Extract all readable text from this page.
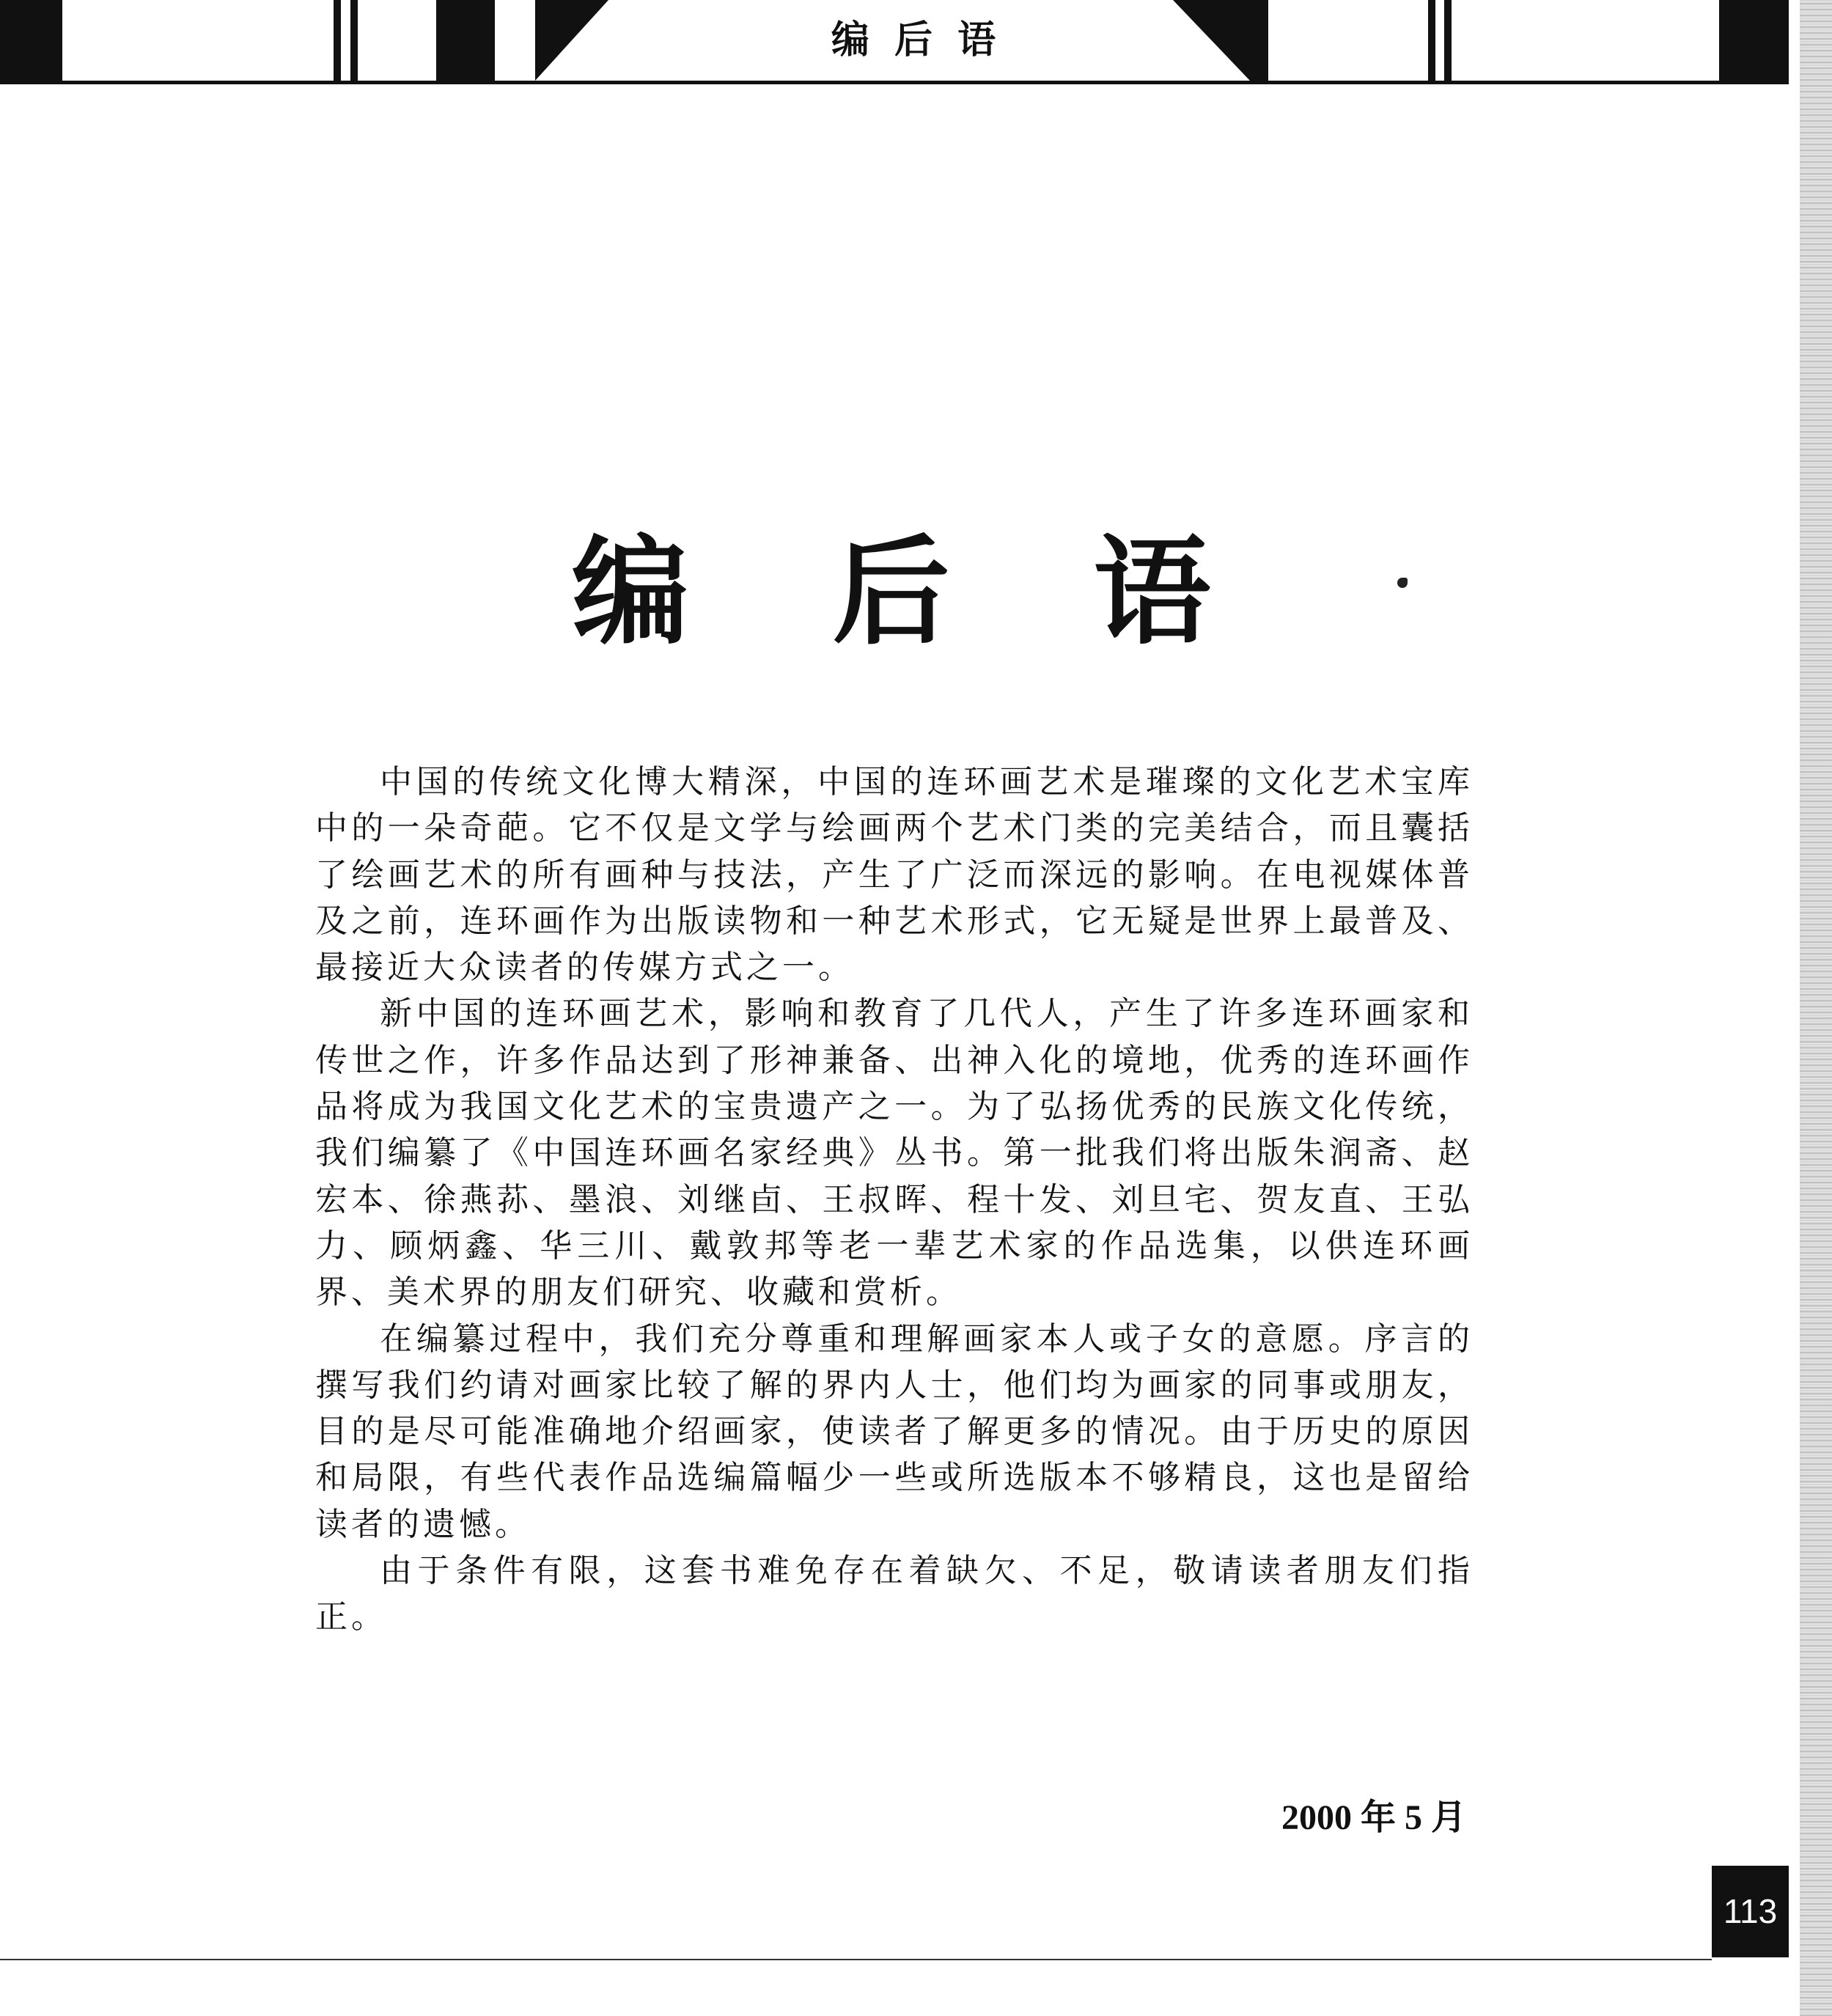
编 后 语
编 后 语

中国的传统文化博大精深，中国的连环画艺术是璀璨的文化艺术宝库中的一朵奇葩。它不仅是文学与绘画两个艺术门类的完美结合，而且囊括了绘画艺术的所有画种与技法，产生了广泛而深远的影响。在电视媒体普及之前，连环画作为出版读物和一种艺术形式，它无疑是世界上最普及、最接近大众读者的传媒方式之一。

新中国的连环画艺术，影响和教育了几代人，产生了许多连环画家和传世之作，许多作品达到了形神兼备、出神入化的境地，优秀的连环画作品将成为我国文化艺术的宝贵遗产之一。为了弘扬优秀的民族文化传统，我们编纂了《中国连环画名家经典》丛书。第一批我们将出版朱润斋、赵宏本、徐燕荪、墨浪、刘继卣、王叔晖、程十发、刘旦宅、贺友直、王弘力、顾炳鑫、华三川、戴敦邦等老一辈艺术家的作品选集，以供连环画界、美术界的朋友们研究、收藏和赏析。

在编纂过程中，我们充分尊重和理解画家本人或子女的意愿。序言的撰写我们约请对画家比较了解的界内人士，他们均为画家的同事或朋友，目的是尽可能准确地介绍画家，使读者了解更多的情况。由于历史的原因和局限，有些代表作品选编篇幅少一些或所选版本不够精良，这也是留给读者的遗憾。

由于条件有限，这套书难免存在着缺欠、不足，敬请读者朋友们指正。

2000 年 5 月
113
